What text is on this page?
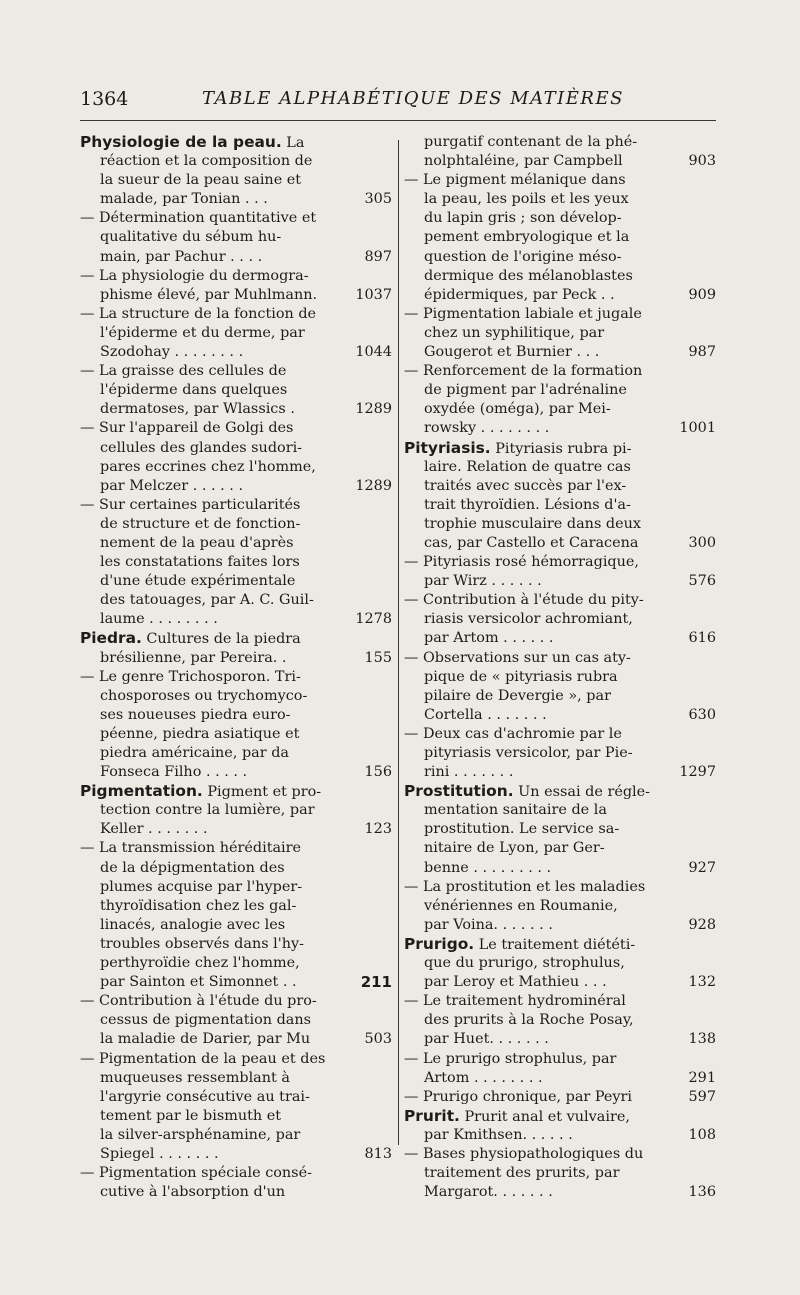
1364	TABLE ALPHABÉTIQUE DES MATIÈRES
Physiologie de la peau. La
réaction et la composition de
la sueur de la peau saine et
malade, par Tonian . . .	305
— Détermination quantitative et
qualitative du sébum hu-
main, par Pachur . . . .	897
— La physiologie du dermogra-
phisme élevé, par Muhlmann.	1037
— La structure de la fonction de
l'épiderme et du derme, par
Szodohay . . . . . . . .	1044
— La graisse des cellules de
l'épiderme dans quelques
dermatoses, par Wlassics .	1289
— Sur l'appareil de Golgi des
cellules des glandes sudori-
pares eccrines chez l'homme,
par Melczer . . . . . .	1289
— Sur certaines particularités
de structure et de fonction-
nement de la peau d'après
les constatations faites lors
d'une étude expérimentale
des tatouages, par A. C. Guil-
laume . . . . . . . .	1278
Piedra. Cultures de la piedra
brésilienne, par Pereira. .	155
— Le genre Trichosporon. Tri-
chosporoses ou trychomyco-
ses noueuses piedra euro-
péenne, piedra asiatique et
piedra américaine, par da
Fonseca Filho . . . . .	156
Pigmentation. Pigment et pro-
tection contre la lumière, par
Keller . . . . . . .	123
— La transmission héréditaire
de la dépigmentation des
plumes acquise par l'hyper-
thyroïdisation chez les gal-
linacés, analogie avec les
troubles observés dans l'hy-
perthyroïdie chez l'homme,
par Sainton et Simonnet . .	211
— Contribution à l'étude du pro-
cessus de pigmentation dans
la maladie de Darier, par Mu	503
— Pigmentation de la peau et des
muqueuses ressemblant à
l'argyrie consécutive au trai-
tement par le bismuth et
la silver-arsphénamine, par
Spiegel . . . . . . .	813
— Pigmentation spéciale consé-
cutive à l'absorption d'un
purgatif contenant de la phé-
nolphtaléine, par Campbell	903
— Le pigment mélanique dans
la peau, les poils et les yeux
du lapin gris ; son dévelop-
pement embryologique et la
question de l'origine méso-
dermique des mélanoblastes
épidermiques, par Peck . .	909
— Pigmentation labiale et jugale
chez un syphilitique, par
Gougerot et Burnier . . .	987
— Renforcement de la formation
de pigment par l'adrénaline
oxydée (oméga), par Mei-
rowsky . . . . . . . .	1001
Pityriasis. Pityriasis rubra pi-
laire. Relation de quatre cas
traités avec succès par l'ex-
trait thyroïdien. Lésions d'a-
trophie musculaire dans deux
cas, par Castello et Caracena	300
— Pityriasis rosé hémorragique,
par Wirz . . . . . .	576
— Contribution à l'étude du pity-
riasis versicolor achromiant,
par Artom . . . . . .	616
— Observations sur un cas aty-
pique de « pityriasis rubra
pilaire de Devergie », par
Cortella . . . . . . .	630
— Deux cas d'achromie par le
pityriasis versicolor, par Pie-
rini . . . . . . .	1297
Prostitution. Un essai de régle-
mentation sanitaire de la
prostitution. Le service sa-
nitaire de Lyon, par Ger-
benne . . . . . . . . .	927
— La prostitution et les maladies
vénériennes en Roumanie,
par Voina. . . . . . .	928
Prurigo. Le traitement diététi-
que du prurigo, strophulus,
par Leroy et Mathieu . . .	132
— Le traitement hydrominéral
des prurits à la Roche Posay,
par Huet. . . . . . .	138
— Le prurigo strophulus, par
Artom . . . . . . . .	291
— Prurigo chronique, par Peyri	597
Prurit. Prurit anal et vulvaire,
par Kmithsen. . . . . .	108
— Bases physiopathologiques du
traitement des prurits, par
Margarot. . . . . . .	136
